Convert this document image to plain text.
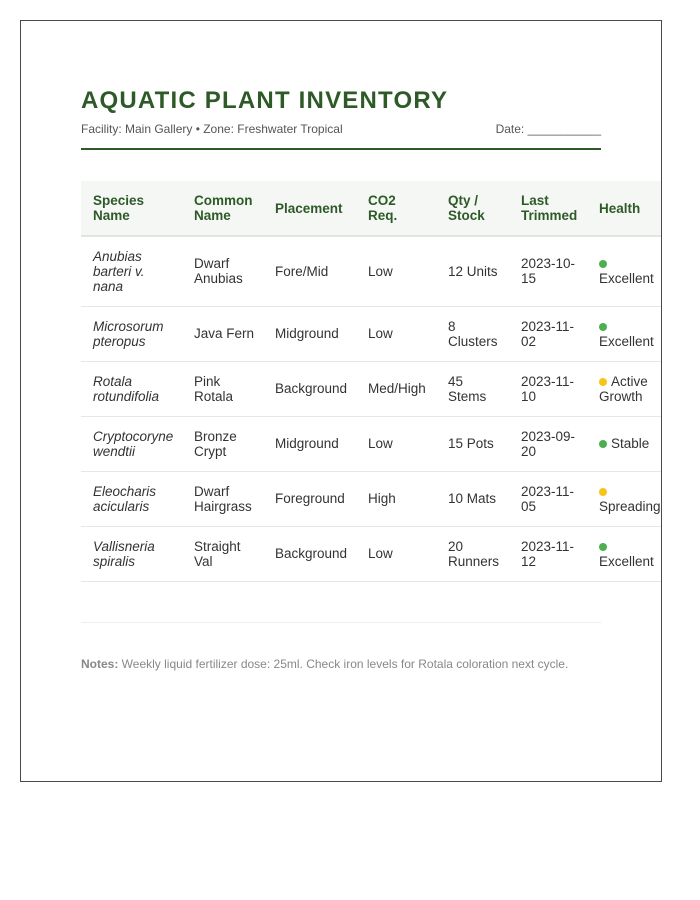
AQUATIC PLANT INVENTORY
Facility: Main Gallery • Zone: Freshwater Tropical	Date: ___________
Species Name	Common Name	Placement	CO2 Req.	Qty / Stock	Last Trimmed	Health
Anubias barteri v. nana	Dwarf Anubias	Fore/Mid	Low	12 Units	2023-10-15	Excellent
Microsorum pteropus	Java Fern	Midground	Low	8 Clusters	2023-11-02	Excellent
Rotala rotundifolia	Pink Rotala	Background	Med/High	45 Stems	2023-11-10	Active Growth
Cryptocoryne wendtii	Bronze Crypt	Midground	Low	15 Pots	2023-09-20	Stable
Eleocharis acicularis	Dwarf Hairgrass	Foreground	High	10 Mats	2023-11-05	Spreading
Vallisneria spiralis	Straight Val	Background	Low	20 Runners	2023-11-12	Excellent
Notes: Weekly liquid fertilizer dose: 25ml. Check iron levels for Rotala coloration next cycle.
